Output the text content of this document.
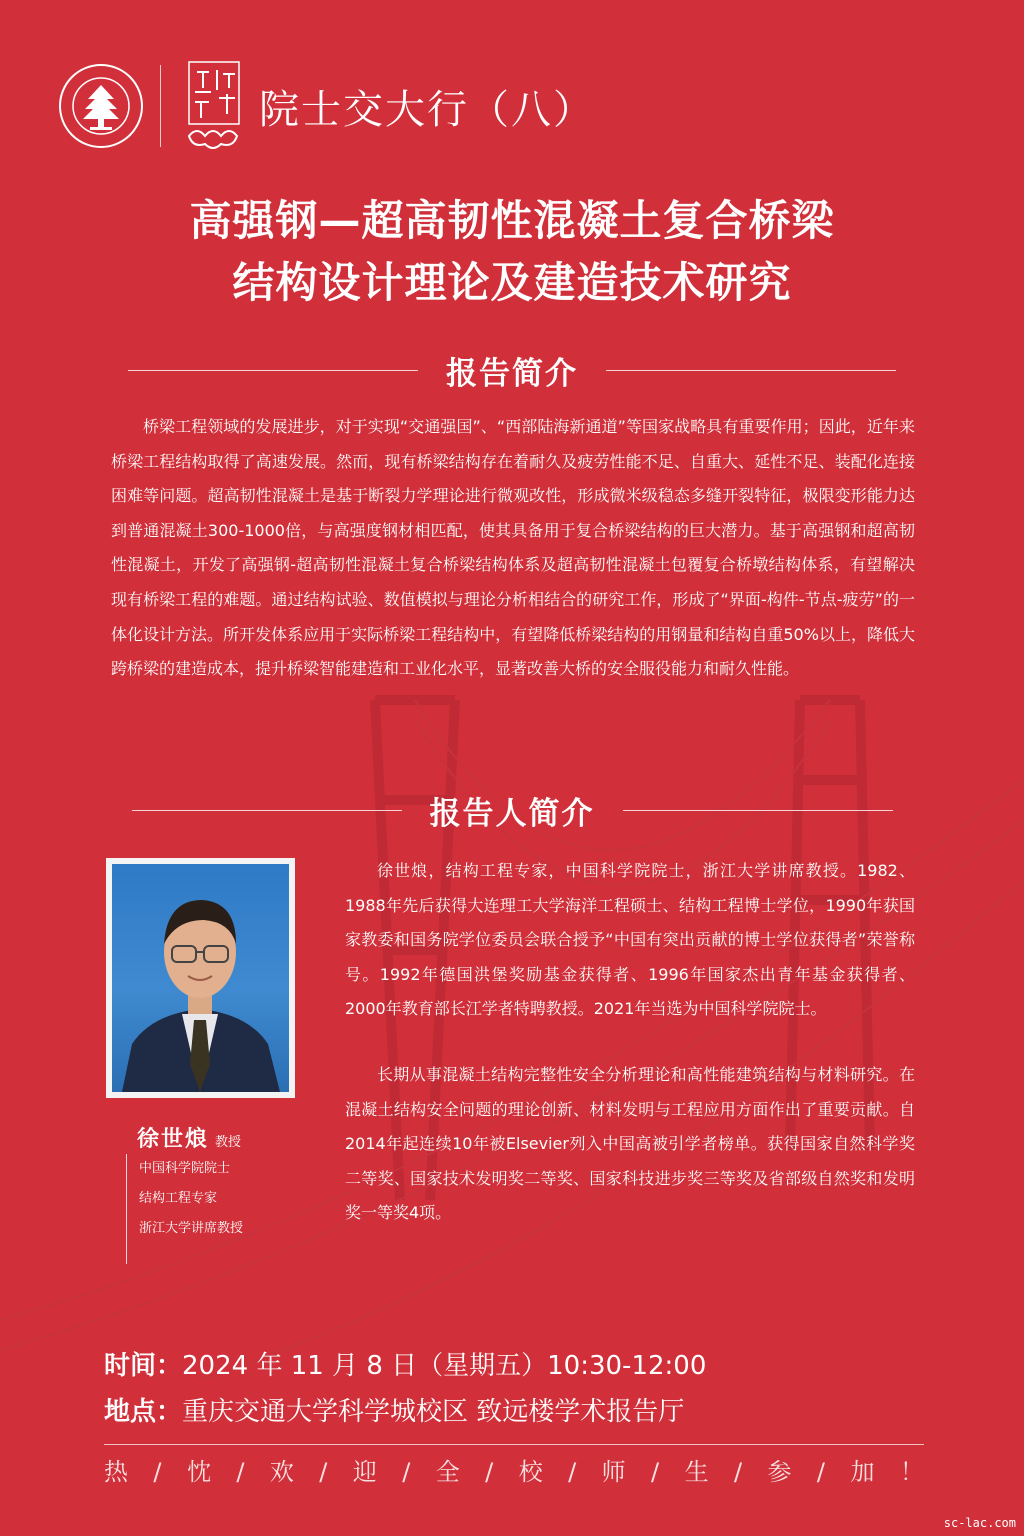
院士交大行（八）
高强钢—超高韧性混凝土复合桥梁
结构设计理论及建造技术研究
报告简介

桥梁工程领域的发展进步，对于实现“交通强国”、“西部陆海新通道”等国家战略具有重要作用；因此，近年来桥梁工程结构取得了高速发展。然而，现有桥梁结构存在着耐久及疲劳性能不足、自重大、延性不足、装配化连接困难等问题。超高韧性混凝土是基于断裂力学理论进行微观改性，形成微米级稳态多缝开裂特征，极限变形能力达到普通混凝土300-1000倍，与高强度钢材相匹配，使其具备用于复合桥梁结构的巨大潜力。基于高强钢和超高韧性混凝土，开发了高强钢-超高韧性混凝土复合桥梁结构体系及超高韧性混凝土包覆复合桥墩结构体系，有望解决现有桥梁工程的难题。通过结构试验、数值模拟与理论分析相结合的研究工作，形成了“界面-构件-节点-疲劳”的一体化设计方法。所开发体系应用于实际桥梁工程结构中，有望降低桥梁结构的用钢量和结构自重50%以上，降低大跨桥梁的建造成本，提升桥梁智能建造和工业化水平，显著改善大桥的安全服役能力和耐久性能。

报告人简介
徐世烺 教授
中国科学院院士
结构工程专家
浙江大学讲席教授

徐世烺，结构工程专家，中国科学院院士，浙江大学讲席教授。1982、1988年先后获得大连理工大学海洋工程硕士、结构工程博士学位，1990年获国家教委和国务院学位委员会联合授予“中国有突出贡献的博士学位获得者”荣誉称号。1992年德国洪堡奖励基金获得者、1996年国家杰出青年基金获得者、2000年教育部长江学者特聘教授。2021年当选为中国科学院院士。

长期从事混凝土结构完整性安全分析理论和高性能建筑结构与材料研究。在混凝土结构安全问题的理论创新、材料发明与工程应用方面作出了重要贡献。自2014年起连续10年被Elsevier列入中国高被引学者榜单。获得国家自然科学奖二等奖、国家技术发明奖二等奖、国家科技进步奖三等奖及省部级自然奖和发明奖一等奖4项。

时间：2024 年 11 月 8 日（星期五）10:30-12:00
地点：重庆交通大学科学城校区 致远楼学术报告厅
热 / 忱 / 欢 / 迎 / 全 / 校 / 师 / 生 / 参 / 加 ！
sc-lac.com
